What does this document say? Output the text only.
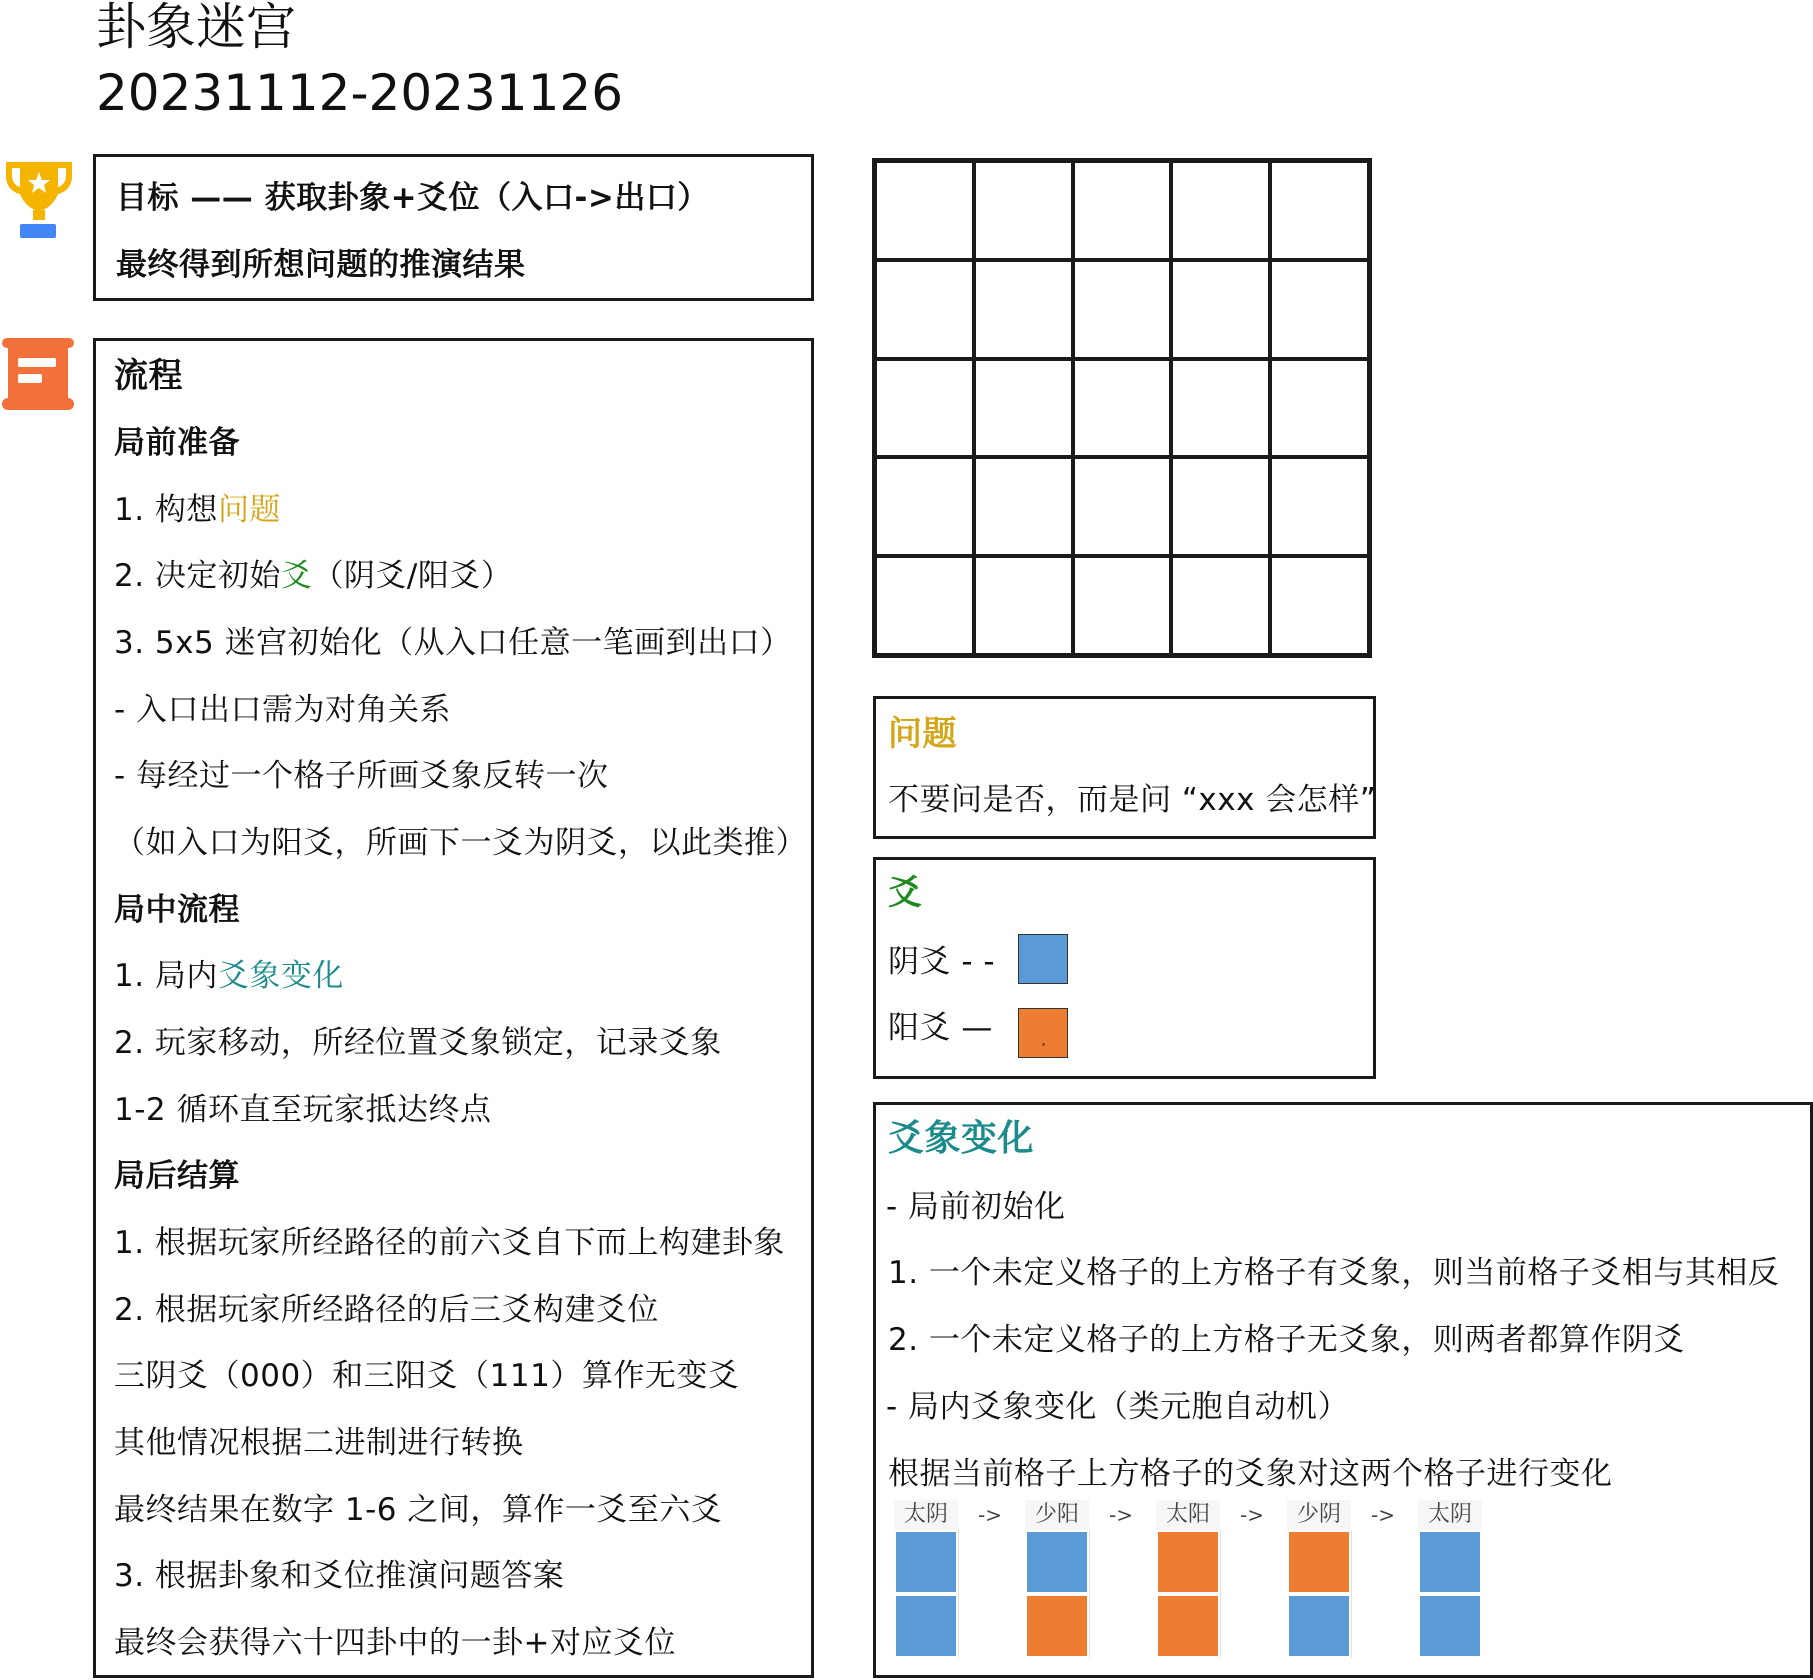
卦象迷宫
20231112-20231126
目标 —— 获取卦象+爻位（入口->出口）
最终得到所想问题的推演结果
流程
局前准备
1. 构想问题
2. 决定初始爻（阴爻/阳爻）
3. 5x5 迷宫初始化（从入口任意一笔画到出口）
- 入口出口需为对角关系
- 每经过一个格子所画爻象反转一次
（如入口为阳爻，所画下一爻为阴爻，以此类推）
局中流程
1. 局内爻象变化
2. 玩家移动，所经位置爻象锁定，记录爻象
1-2 循环直至玩家抵达终点
局后结算
1. 根据玩家所经路径的前六爻自下而上构建卦象
2. 根据玩家所经路径的后三爻构建爻位
三阴爻（000）和三阳爻（111）算作无变爻
其他情况根据二进制进行转换
最终结果在数字 1-6 之间，算作一爻至六爻
3. 根据卦象和爻位推演问题答案
最终会获得六十四卦中的一卦+对应爻位
问题
不要问是否，而是问 “xxx 会怎样”
爻
阴爻 - -
阳爻 —
爻象变化
- 局前初始化
1. 一个未定义格子的上方格子有爻象，则当前格子爻相与其相反
2. 一个未定义格子的上方格子无爻象，则两者都算作阴爻
- 局内爻象变化（类元胞自动机）
根据当前格子上方格子的爻象对这两个格子进行变化
太阴	->	少阳	->	太阳	->	少阴	->	太阴
